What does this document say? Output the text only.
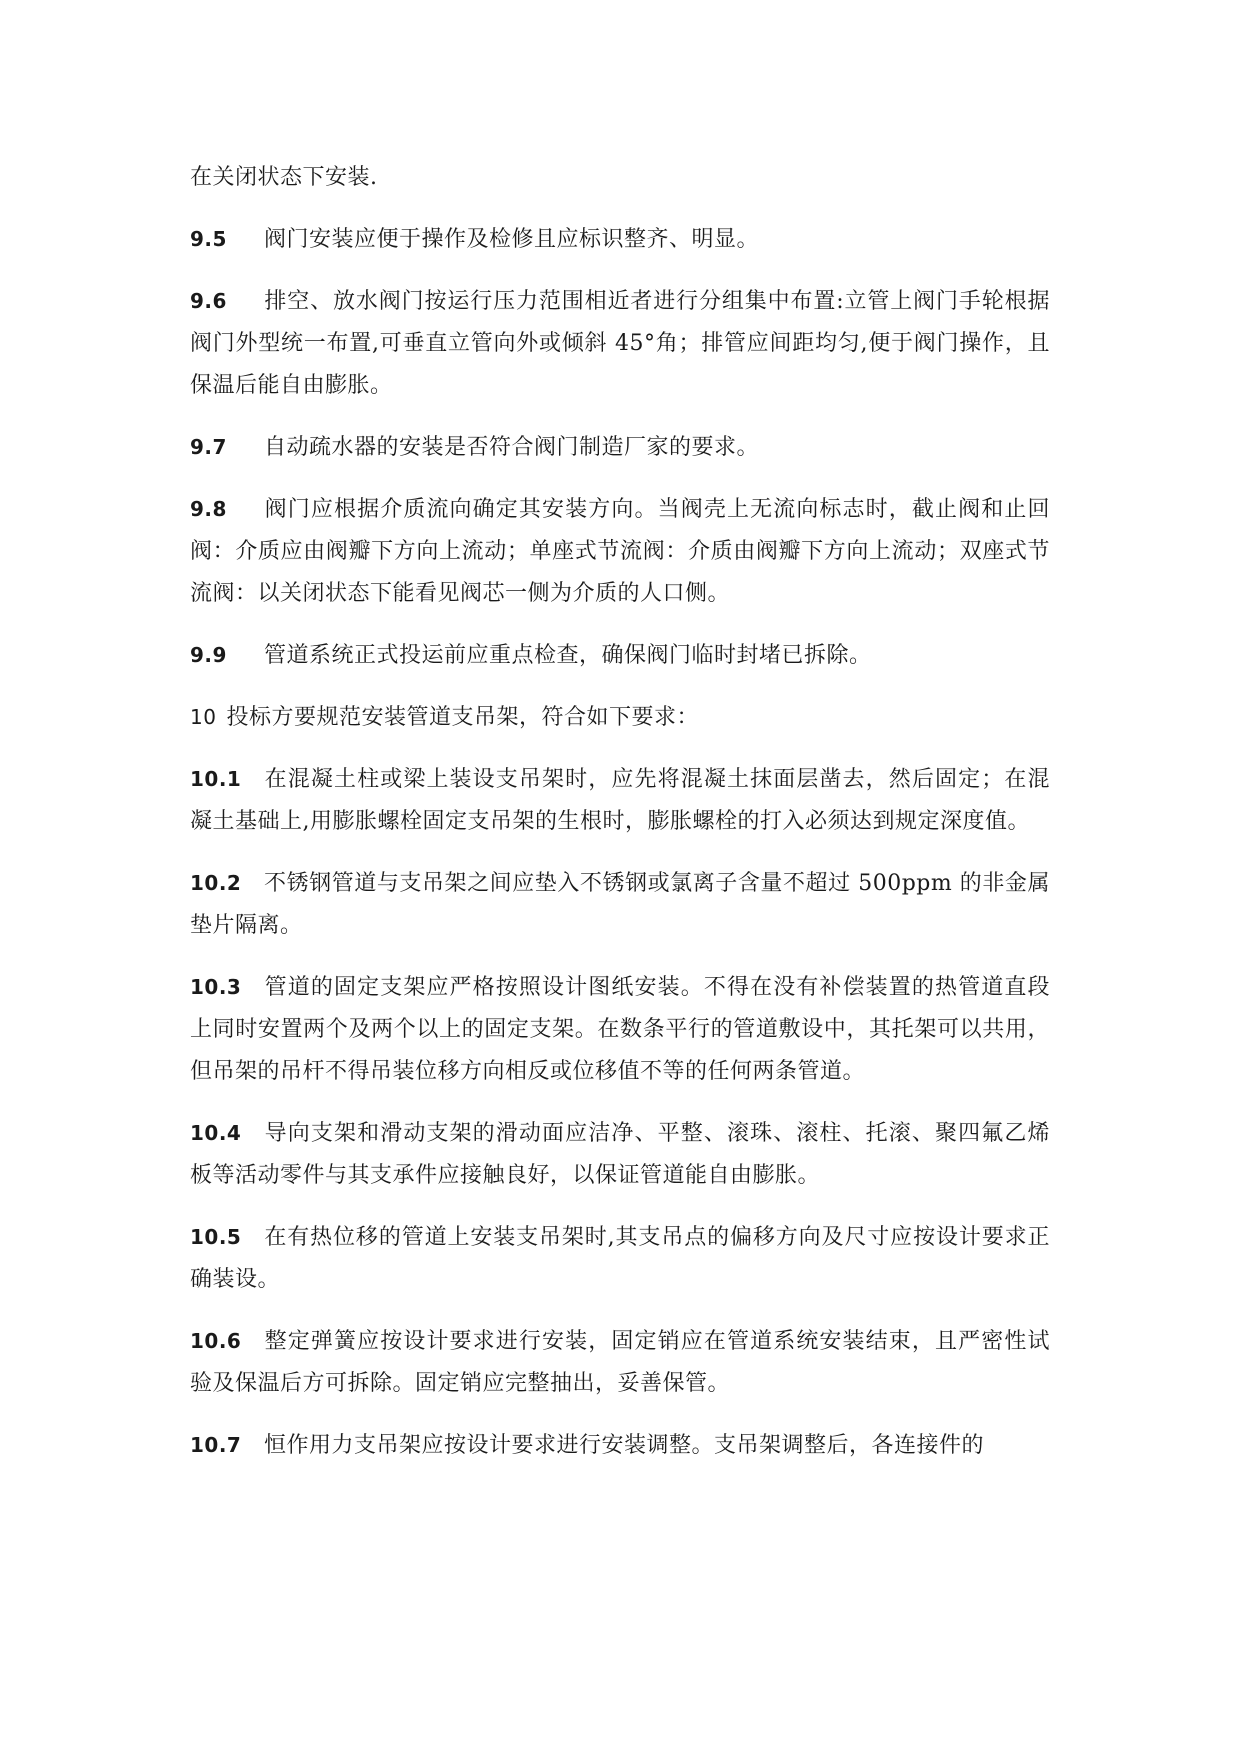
在关闭状态下安装.

9.5 阀门安装应便于操作及检修且应标识整齐、明显。

9.6 排空、放水阀门按运行压力范围相近者进行分组集中布置:立管上阀门手轮根据阀门外型统一布置,可垂直立管向外或倾斜 45°角；排管应间距均匀,便于阀门操作，且保温后能自由膨胀。

9.7 自动疏水器的安装是否符合阀门制造厂家的要求。

9.8 阀门应根据介质流向确定其安装方向。当阀壳上无流向标志时，截止阀和止回阀：介质应由阀瓣下方向上流动；单座式节流阀：介质由阀瓣下方向上流动；双座式节流阀：以关闭状态下能看见阀芯一侧为介质的人口侧。

9.9 管道系统正式投运前应重点检查，确保阀门临时封堵已拆除。

10 投标方要规范安装管道支吊架，符合如下要求：

10.1 在混凝土柱或梁上装设支吊架时，应先将混凝土抹面层凿去，然后固定；在混凝土基础上,用膨胀螺栓固定支吊架的生根时，膨胀螺栓的打入必须达到规定深度值。

10.2 不锈钢管道与支吊架之间应垫入不锈钢或氯离子含量不超过 500ppm 的非金属垫片隔离。

10.3 管道的固定支架应严格按照设计图纸安装。不得在没有补偿装置的热管道直段上同时安置两个及两个以上的固定支架。在数条平行的管道敷设中，其托架可以共用，但吊架的吊杆不得吊装位移方向相反或位移值不等的任何两条管道。

10.4 导向支架和滑动支架的滑动面应洁净、平整、滚珠、滚柱、托滚、聚四氟乙烯板等活动零件与其支承件应接触良好，以保证管道能自由膨胀。

10.5 在有热位移的管道上安装支吊架时,其支吊点的偏移方向及尺寸应按设计要求正确装设。

10.6 整定弹簧应按设计要求进行安装，固定销应在管道系统安装结束，且严密性试验及保温后方可拆除。固定销应完整抽出，妥善保管。

10.7 恒作用力支吊架应按设计要求进行安装调整。支吊架调整后，各连接件的
